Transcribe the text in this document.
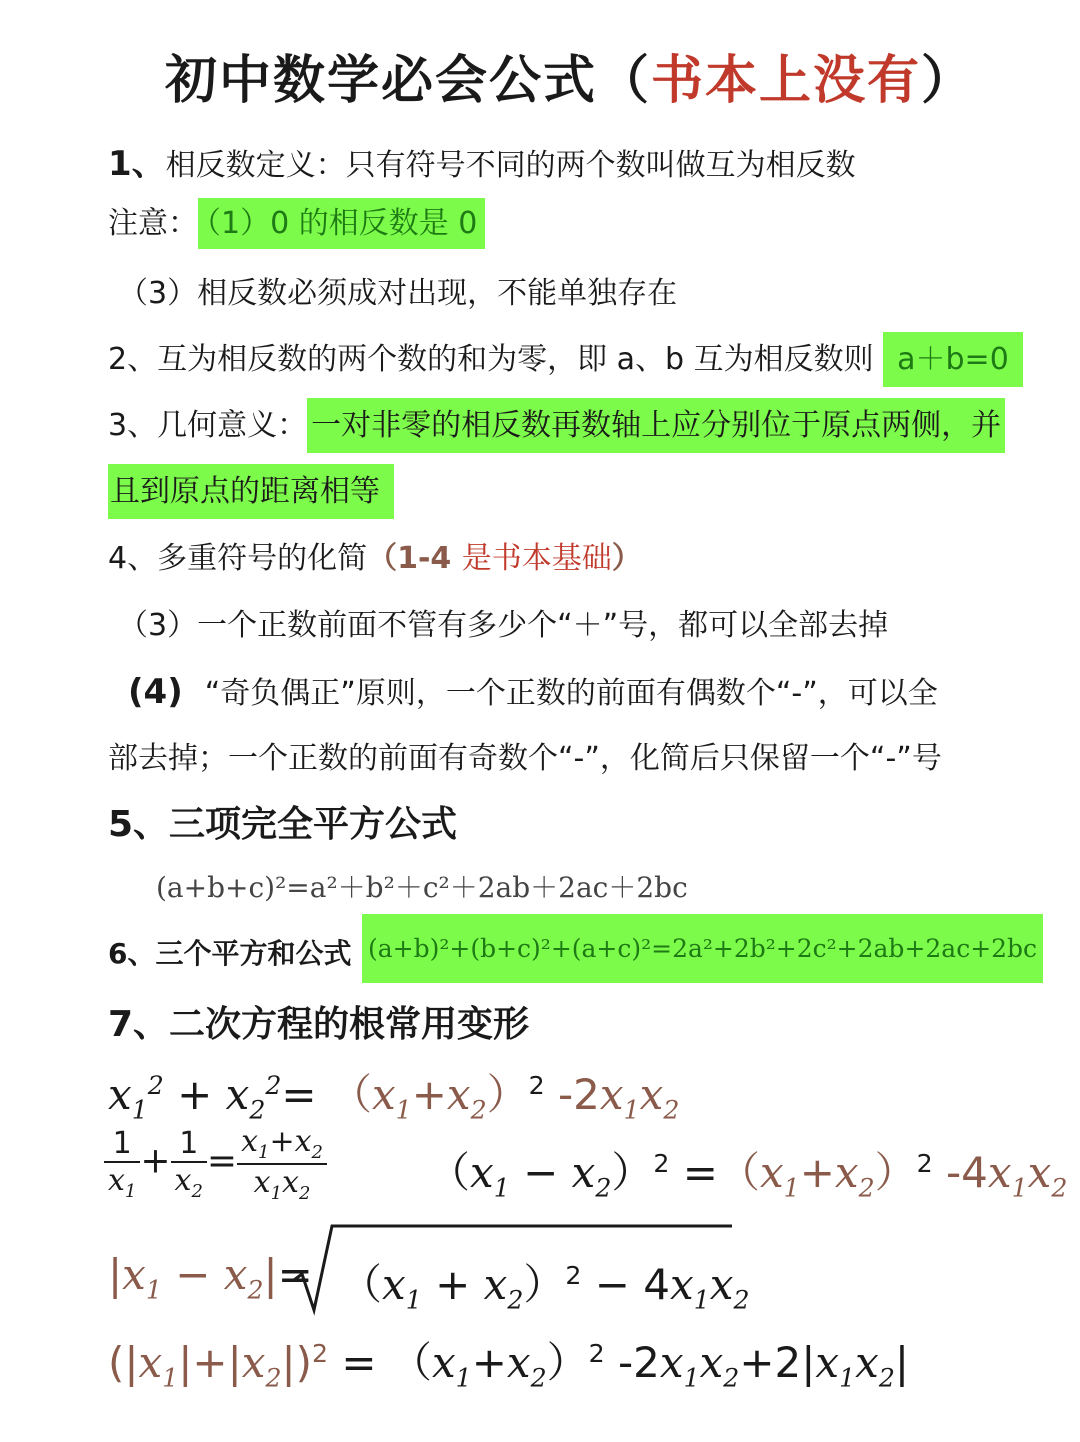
初中数学必会公式（书本上没有）
1、相反数定义：只有符号不同的两个数叫做互为相反数
注意： （1）0 的相反数是 0
（3）相反数必须成对出现，不能单独存在
2、互为相反数的两个数的和为零，即 a、b 互为相反数则 a＋b=0
3、几何意义： 一对非零的相反数再数轴上应分别位于原点两侧，并
且到原点的距离相等
4、多重符号的化简（1-4 是书本基础）
（3）一个正数前面不管有多少个“＋”号，都可以全部去掉
(4) “奇负偶正”原则，一个正数的前面有偶数个“-”，可以全
部去掉；一个正数的前面有奇数个“-”，化简后只保留一个“-”号
5、三项完全平方公式
(a+b+c)²=a²＋b²＋c²＋2ab＋2ac＋2bc
6、三个平方和公式 (a+b)²+(b+c)²+(a+c)²=2a²+2b²+2c²+2ab+2ac+2bc
7、二次方程的根常用变形
$x_1^2 + x_2^2= (x_1+x_2)^2$ $-2x_1x_2$
$\frac{1}{x_1} + \frac{1}{x_2} = \frac{x_1+x_2}{x_1x_2} (x_1 - x_2)^2 =(x_1+x_2)^2$ $-4x_1x_2$
$|x_1 - x_2|= (x_1 + x_2)^2 - 4x_1x_2$
$(|x_1|+|x_2|)^2 = (x_1+x_2)^2$ $-2x_1x_2+2|x_1x_2|$
